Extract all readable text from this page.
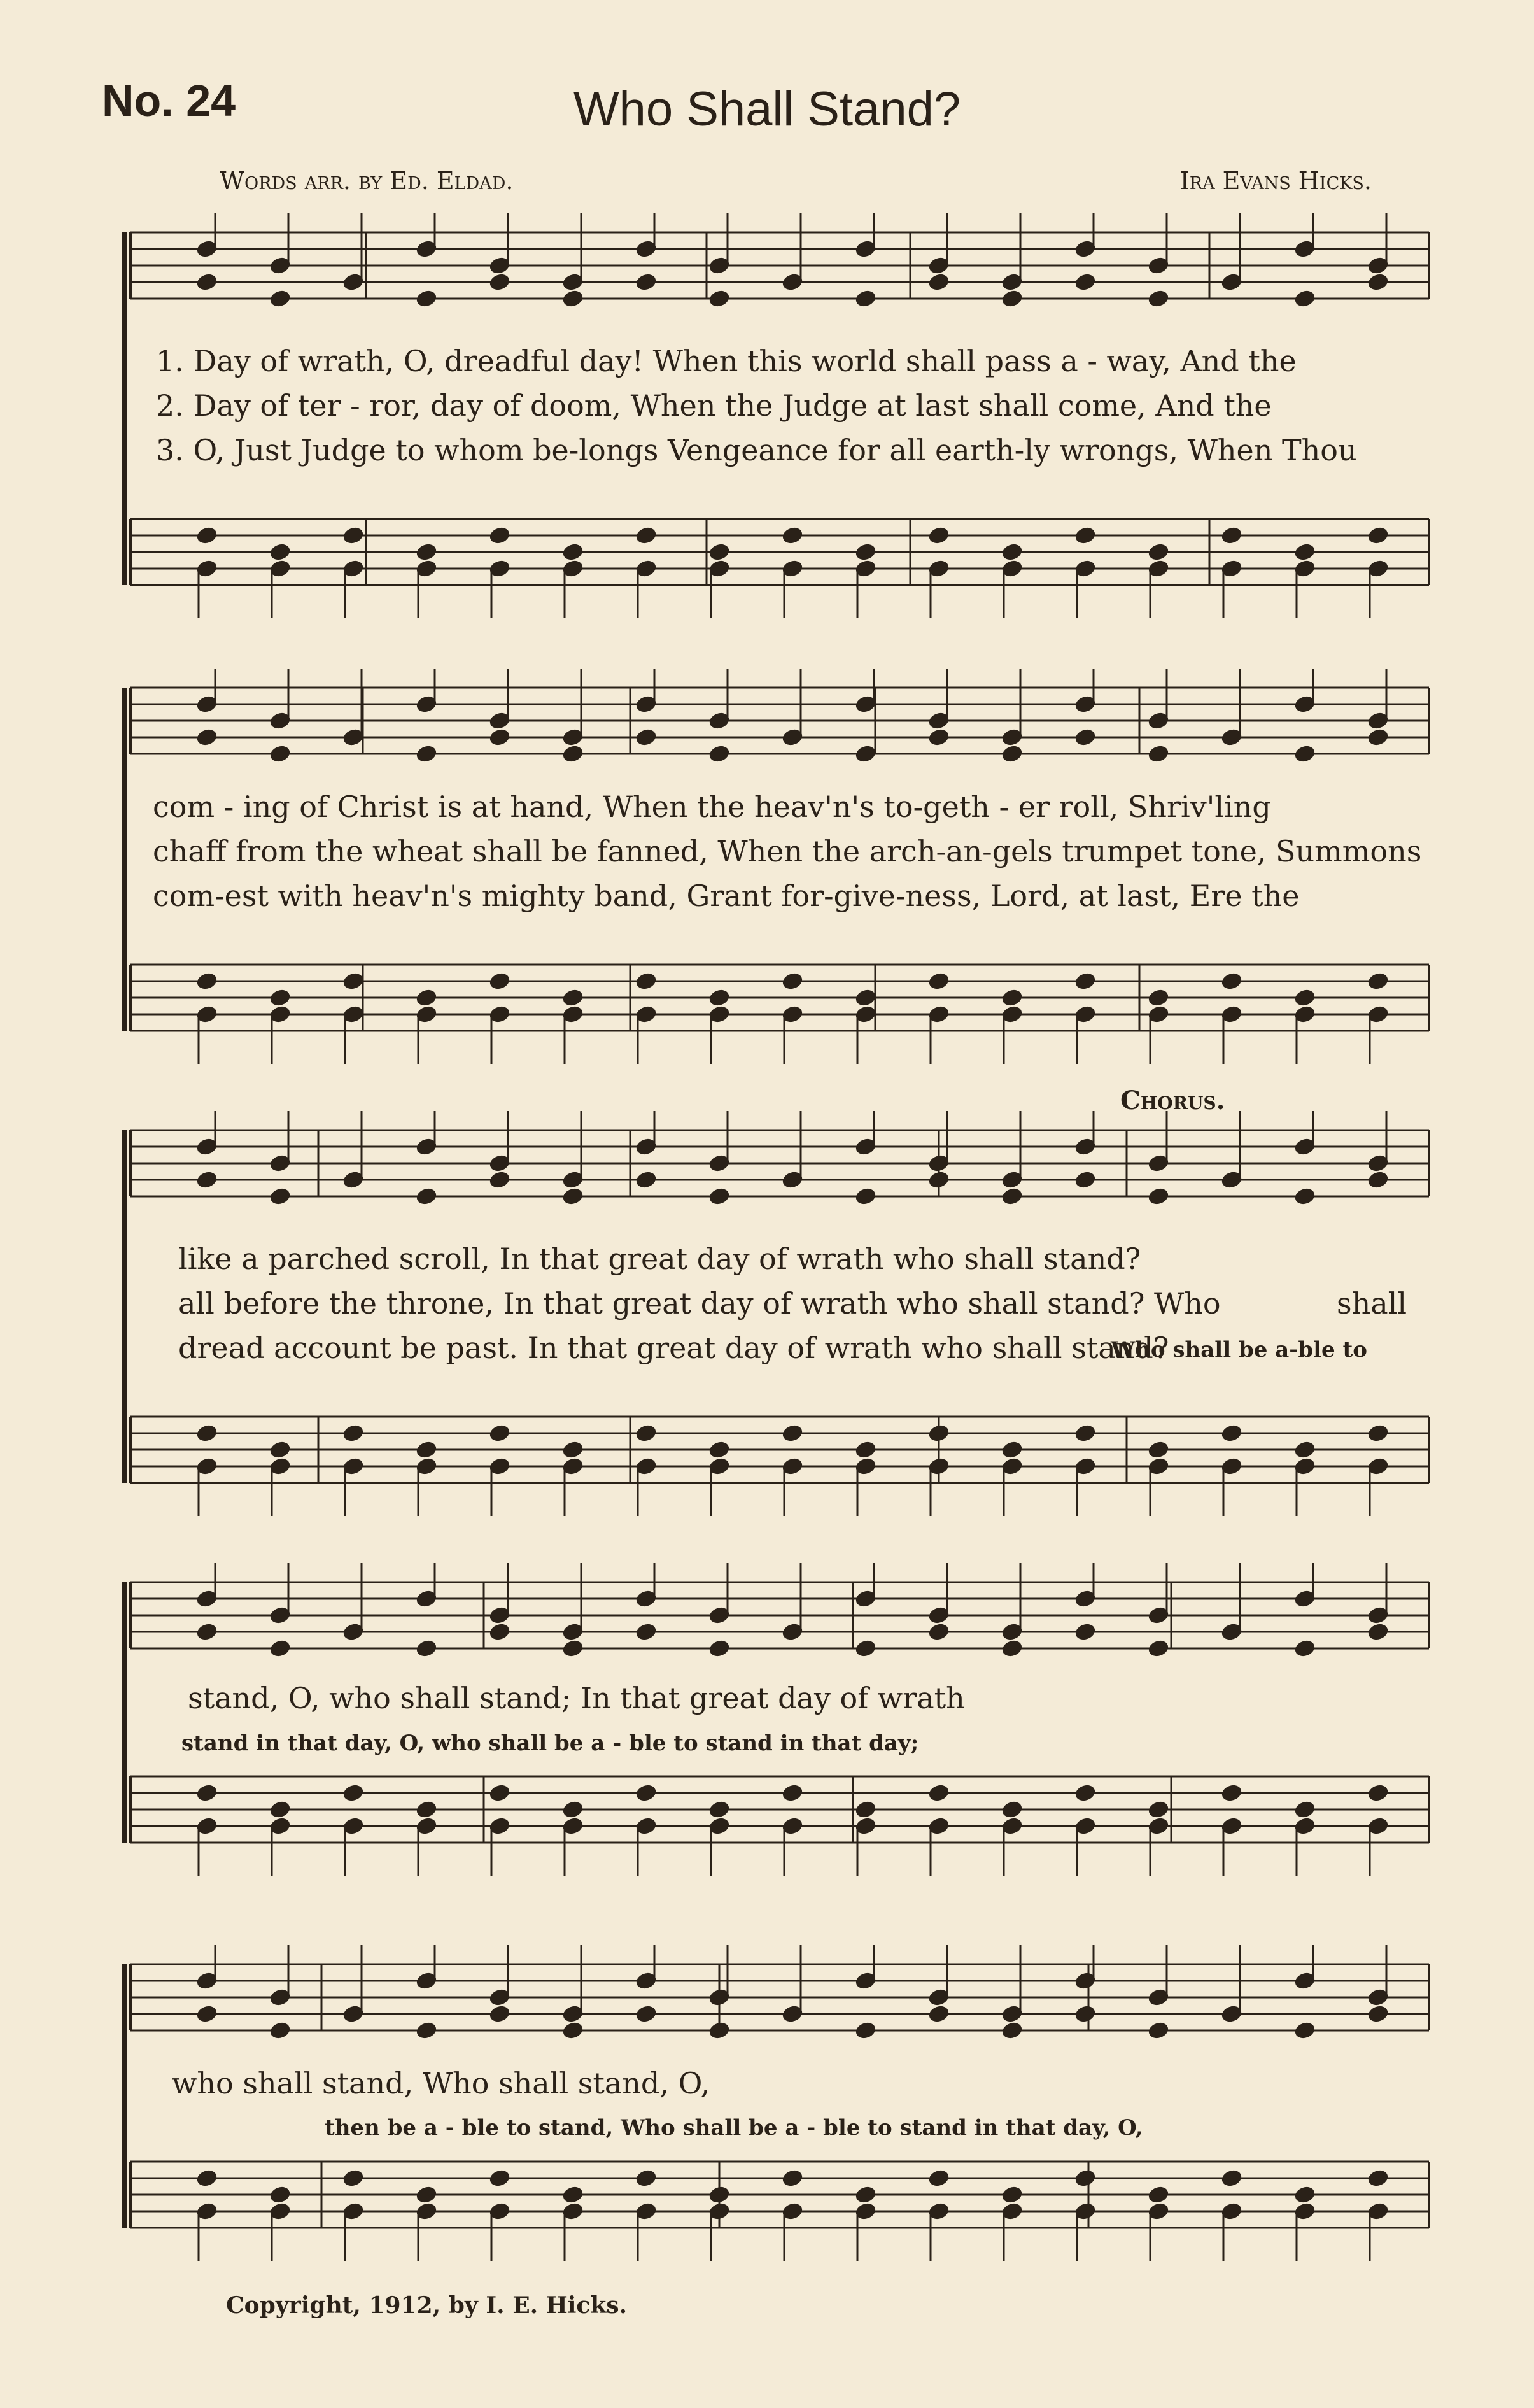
No. 24	Who Shall Stand?
Words arr. by Ed. Eldad.	Ira Evans Hicks.
1. Day of wrath, O, dreadful day! When this world shall pass a - way, And the
2. Day of ter - ror, day of doom, When the Judge at last shall come, And the
3. O, Just Judge to whom be-longs Vengeance for all earth-ly wrongs, When Thou
com - ing of Christ is at hand, When the heav'n's to-geth - er roll, Shriv'ling
chaff from the wheat shall be fanned, When the arch-an-gels trumpet tone, Summons
com-est with heav'n's mighty band, Grant for-give-ness, Lord, at last, Ere the
Chorus.
like a parched scroll, In that great day of wrath who shall stand?
all before the throne, In that great day of wrath who shall stand? Who	shall
dread account be past. In that great day of wrath who shall stand?
Who shall be a-ble to
stand, O, who shall stand; In that great day of wrath
stand in that day, O, who shall be a - ble to stand in that day;
who shall stand, Who shall stand, O,
then be a - ble to stand, Who shall be a - ble to stand in that day, O,
Copyright, 1912, by I. E. Hicks.
